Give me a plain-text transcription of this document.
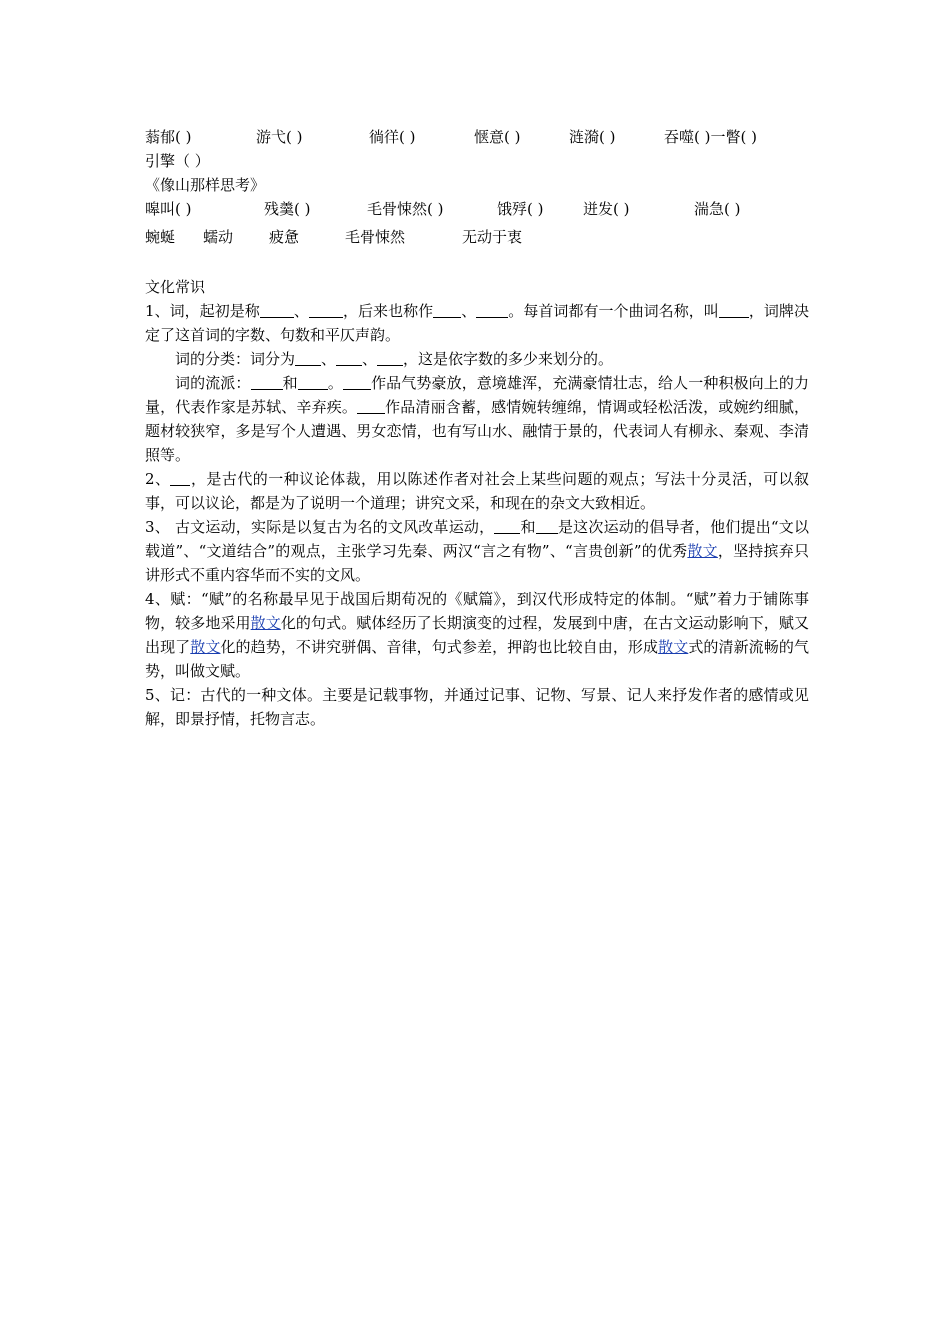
蓊郁( )	游弋( )	徜徉( )	惬意( )	涟漪( )	吞噬( )一瞥( )
引擎（ ）
《像山那样思考》
嗥叫( )	残羹( )	毛骨悚然( )	饿殍( )	迸发( )	湍急( )
蜿蜒 蠕动 疲惫	毛骨悚然	无动于衷
文化常识

1、词，起初是称 、 ，后来也称作 、 。每首词都有一个曲词名称，叫 ，词牌决定了这首词的字数、句数和平仄声韵。

词的分类：词分为 、 、 ，这是依字数的多少来划分的。

词的流派： 和 。 作品气势豪放，意境雄浑，充满豪情壮志，给人一种积极向上的力量，代表作家是苏轼、辛弃疾。 作品清丽含蓄，感情婉转缠绵，情调或轻松活泼，或婉约细腻，题材较狭窄，多是写个人遭遇、男女恋情，也有写山水、融情于景的，代表词人有柳永、秦观、李清照等。

2、 ，是古代的一种议论体裁，用以陈述作者对社会上某些问题的观点；写法十分灵活，可以叙事，可以议论，都是为了说明一个道理；讲究文采，和现在的杂文大致相近。

3、 古文运动，实际是以复古为名的文风改革运动， 和 是这次运动的倡导者，他们提出“文以载道”、“文道结合”的观点，主张学习先秦、两汉“言之有物”、“言贵创新”的优秀散文，坚持摈弃只讲形式不重内容华而不实的文风。

4、赋：“赋”的名称最早见于战国后期荀况的《赋篇》，到汉代形成特定的体制。“赋”着力于铺陈事物，较多地采用散文化的句式。赋体经历了长期演变的过程，发展到中唐，在古文运动影响下，赋又出现了散文化的趋势，不讲究骈偶、音律，句式参差，押韵也比较自由，形成散文式的清新流畅的气势，叫做文赋。

5、记：古代的一种文体。主要是记载事物，并通过记事、记物、写景、记人来抒发作者的感情或见解，即景抒情，托物言志。
